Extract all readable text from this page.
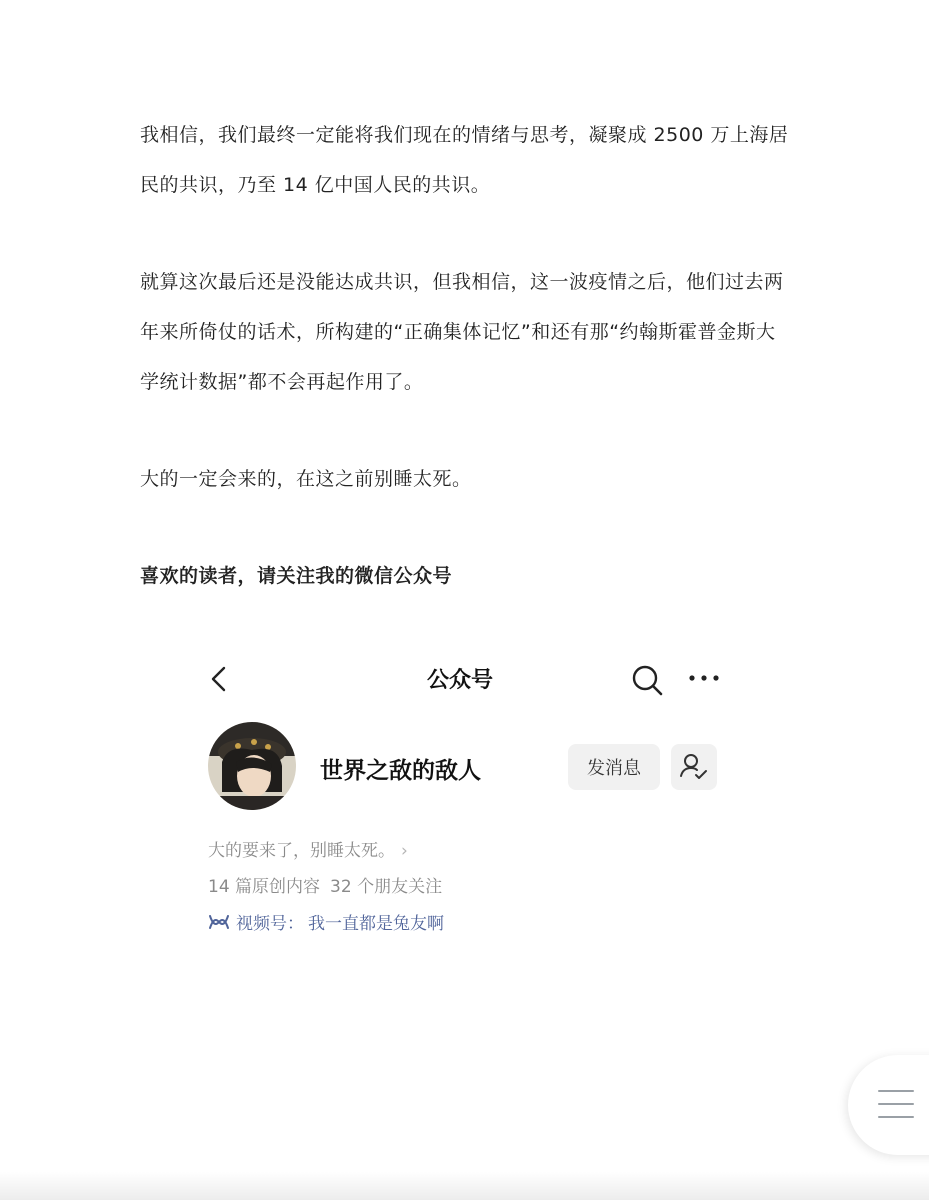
我相信，我们最终一定能将我们现在的情绪与思考，凝聚成 2500 万上海居
民的共识，乃至 14 亿中国人民的共识。

就算这次最后还是没能达成共识，但我相信，这一波疫情之后，他们过去两
年来所倚仗的话术，所构建的“正确集体记忆”和还有那“约翰斯霍普金斯大
学统计数据”都不会再起作用了。

大的一定会来的，在这之前别睡太死。

喜欢的读者，请关注我的微信公众号

公众号
世界之敌的敌人	发消息
大的要来了，别睡太死。 ›
14 篇原创内容 32 个朋友关注
视频号： 我一直都是兔友啊
